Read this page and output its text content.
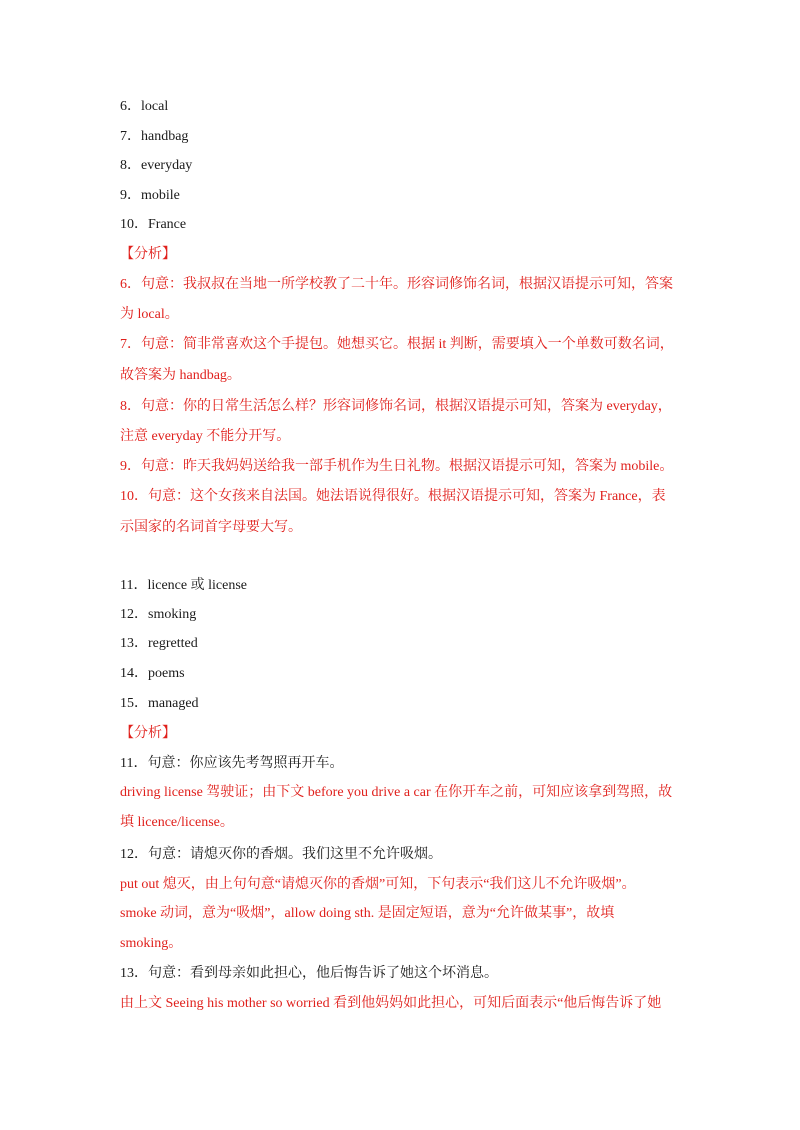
6．local
7．handbag
8．everyday
9．mobile
10．France
【分析】
6．句意：我叔叔在当地一所学校教了二十年。形容词修饰名词，根据汉语提示可知，答案
为 local。
7．句意：简非常喜欢这个手提包。她想买它。根据 it 判断，需要填入一个单数可数名词，
故答案为 handbag。
8．句意：你的日常生活怎么样？形容词修饰名词，根据汉语提示可知，答案为 everyday，
注意 everyday 不能分开写。
9．句意：昨天我妈妈送给我一部手机作为生日礼物。根据汉语提示可知，答案为 mobile。
10．句意：这个女孩来自法国。她法语说得很好。根据汉语提示可知，答案为 France，表
示国家的名词首字母要大写。
11．licence 或 license
12．smoking
13．regretted
14．poems
15．managed
【分析】
11．句意：你应该先考驾照再开车。
driving license 驾驶证；由下文 before you drive a car 在你开车之前，可知应该拿到驾照，故
填 licence/license。
12．句意：请熄灭你的香烟。我们这里不允许吸烟。
put out 熄灭，由上句句意“请熄灭你的香烟”可知，下句表示“我们这儿不允许吸烟”。
smoke 动词，意为“吸烟”，allow doing sth. 是固定短语，意为“允许做某事”，故填
smoking。
13．句意：看到母亲如此担心，他后悔告诉了她这个坏消息。
由上文 Seeing his mother so worried 看到他妈妈如此担心，可知后面表示“他后悔告诉了她
